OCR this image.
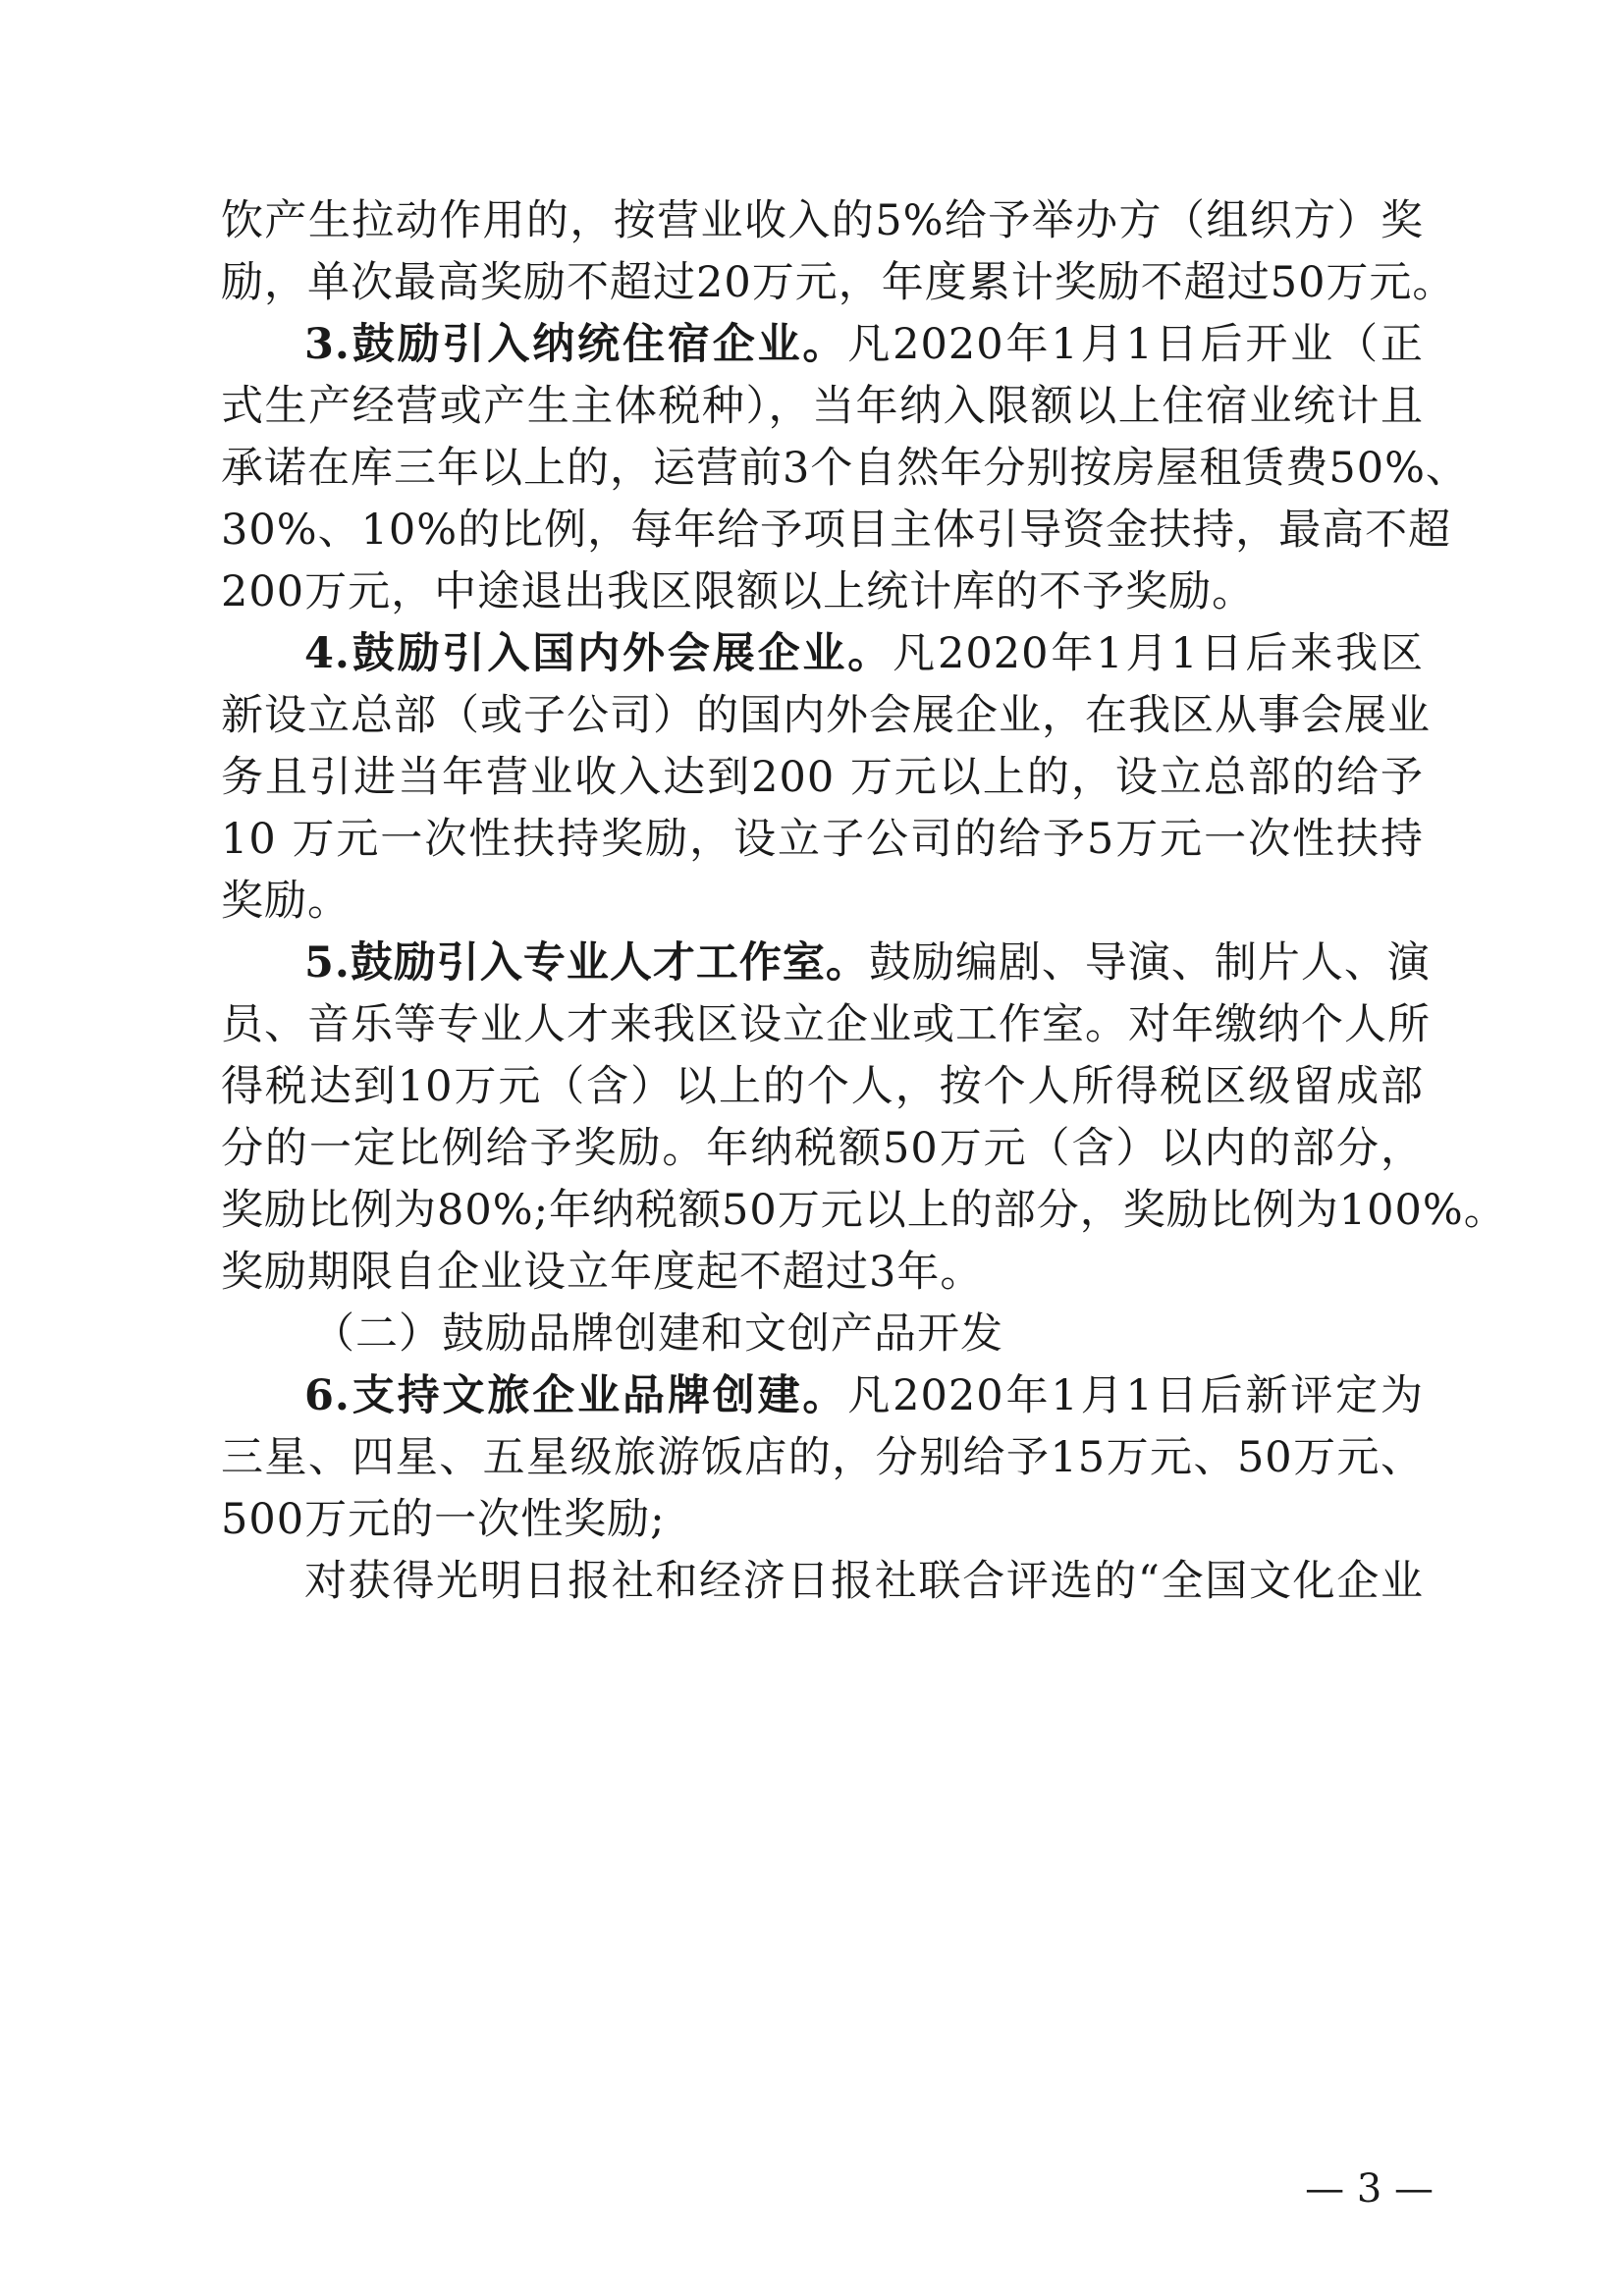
饮产生拉动作用的，按营业收入的5%给予举办方（组织方）奖
励，单次最高奖励不超过20万元，年度累计奖励不超过50万元。
3.鼓励引入纳统住宿企业。凡2020年1月1日后开业（正
式生产经营或产生主体税种），当年纳入限额以上住宿业统计且
承诺在库三年以上的，运营前3个自然年分别按房屋租赁费50%、
30%、10%的比例，每年给予项目主体引导资金扶持，最高不超
200万元，中途退出我区限额以上统计库的不予奖励。
4.鼓励引入国内外会展企业。凡2020年1月1日后来我区
新设立总部（或子公司）的国内外会展企业，在我区从事会展业
务且引进当年营业收入达到200 万元以上的，设立总部的给予
10 万元一次性扶持奖励，设立子公司的给予5万元一次性扶持
奖励。
5.鼓励引入专业人才工作室。鼓励编剧、导演、制片人、演
员、音乐等专业人才来我区设立企业或工作室。对年缴纳个人所
得税达到10万元（含）以上的个人，按个人所得税区级留成部
分的一定比例给予奖励。年纳税额50万元（含）以内的部分，
奖励比例为80%;年纳税额50万元以上的部分，奖励比例为100%。
奖励期限自企业设立年度起不超过3年。
（二）鼓励品牌创建和文创产品开发
6.支持文旅企业品牌创建。凡2020年1月1日后新评定为
三星、四星、五星级旅游饭店的，分别给予15万元、50万元、
500万元的一次性奖励;
对获得光明日报社和经济日报社联合评选的“全国文化企业
— 3 —
